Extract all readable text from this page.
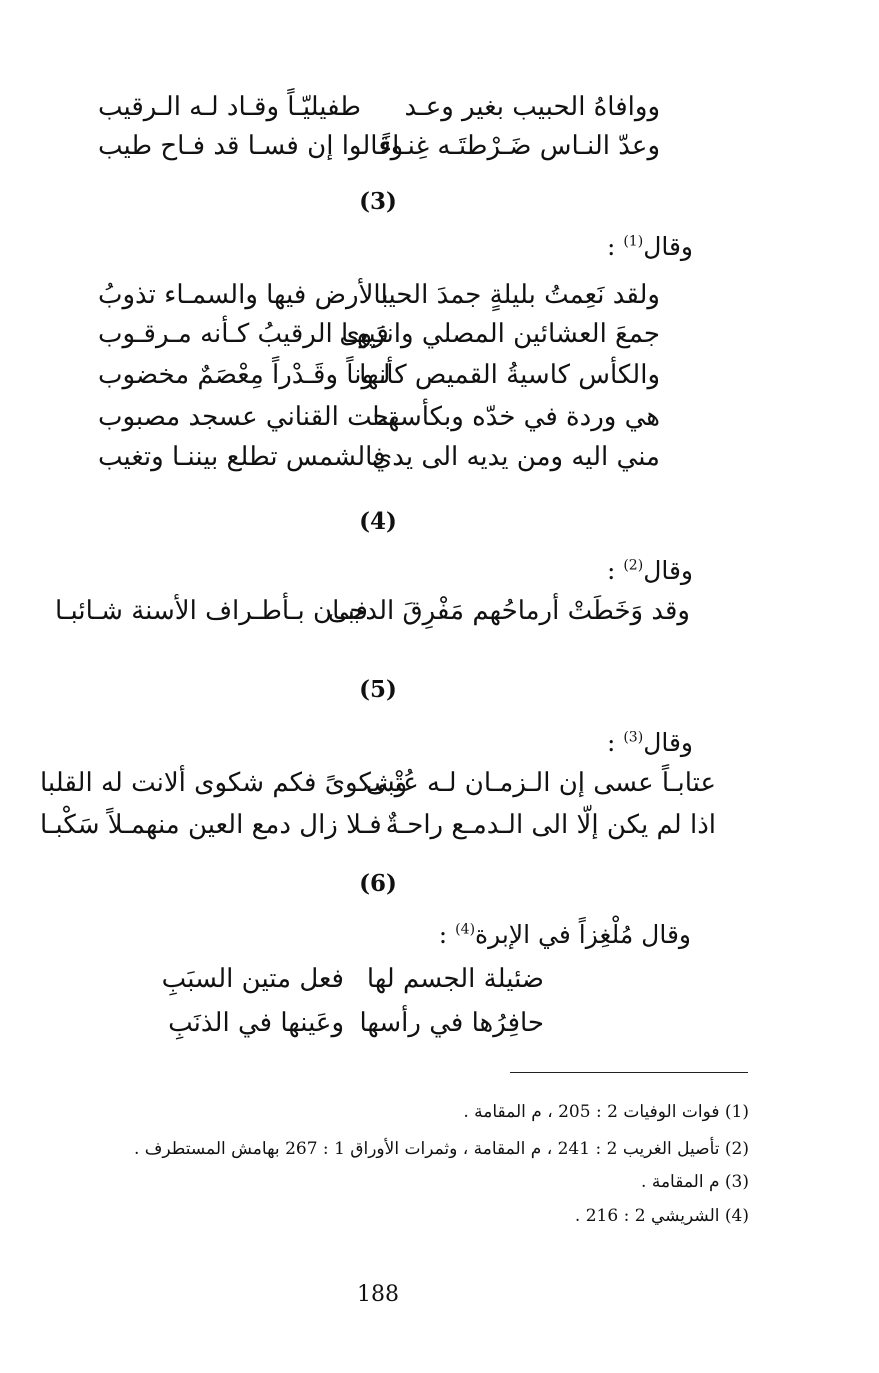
ووافاهُ الحبيب بغير وعـد
طفيليّـاً وقـاد لـه الـرقيب
وعدّ النـاس ضَـرْطتَـه غِنـاءً
وقالوا إن فسـا قد فـاح طيب
(3)
وقال$^{(1)}$ :
ولقد نَعِمتُ بليلةٍ جمدَ الحيا
بالأرض فيها والسمـاء تذوبُ
جمعَ العشائين المصلي وانزَوى
فيهـا الرقيبُ كـأنه مـرقـوب
والكأس كاسيةُ القميص كأنها
لـوناً وقَـدْراً مِعْصَمٌ مخضوب
هي وردة في خدّه وبكأسهـا
تحت القناني عسجد مصبوب
مني اليه ومن يديه الى يدي
فالشمس تطلع بيننـا وتغيب
(4)
وقال$^{(2)}$ :
وقد وَخَطَتْ أرماحُهم مَفْرِقَ الدجى
فبـان بـأطـراف الأسنة شـائبـا
(5)
وقال$^{(3)}$ :
عتابـاً عسى إن الـزمـان لـه عُتْبى
وشكوىً فكم شكوى ألانت له القلبا
اذا لم يكن إلّا الى الـدمـع راحـةٌ
فـلا زال دمع العين منهمـلاً سَكْبـا
(6)
وقال مُلْغِزاً في الإبرة$^{(4)}$ :
ضئيلة الجسم لها
فعل متين السبَبِ
حافِرُها في رأسها
وعَينها في الذنَبِ
(1) فوات الوفيات 2 : 205 ، م المقامة .
(2) تأصيل الغريب 2 : 241 ، م المقامة ، وثمرات الأوراق 1 : 267 بهامش المستطرف .
(3) م المقامة .
(4) الشريشي 2 : 216 .
188
